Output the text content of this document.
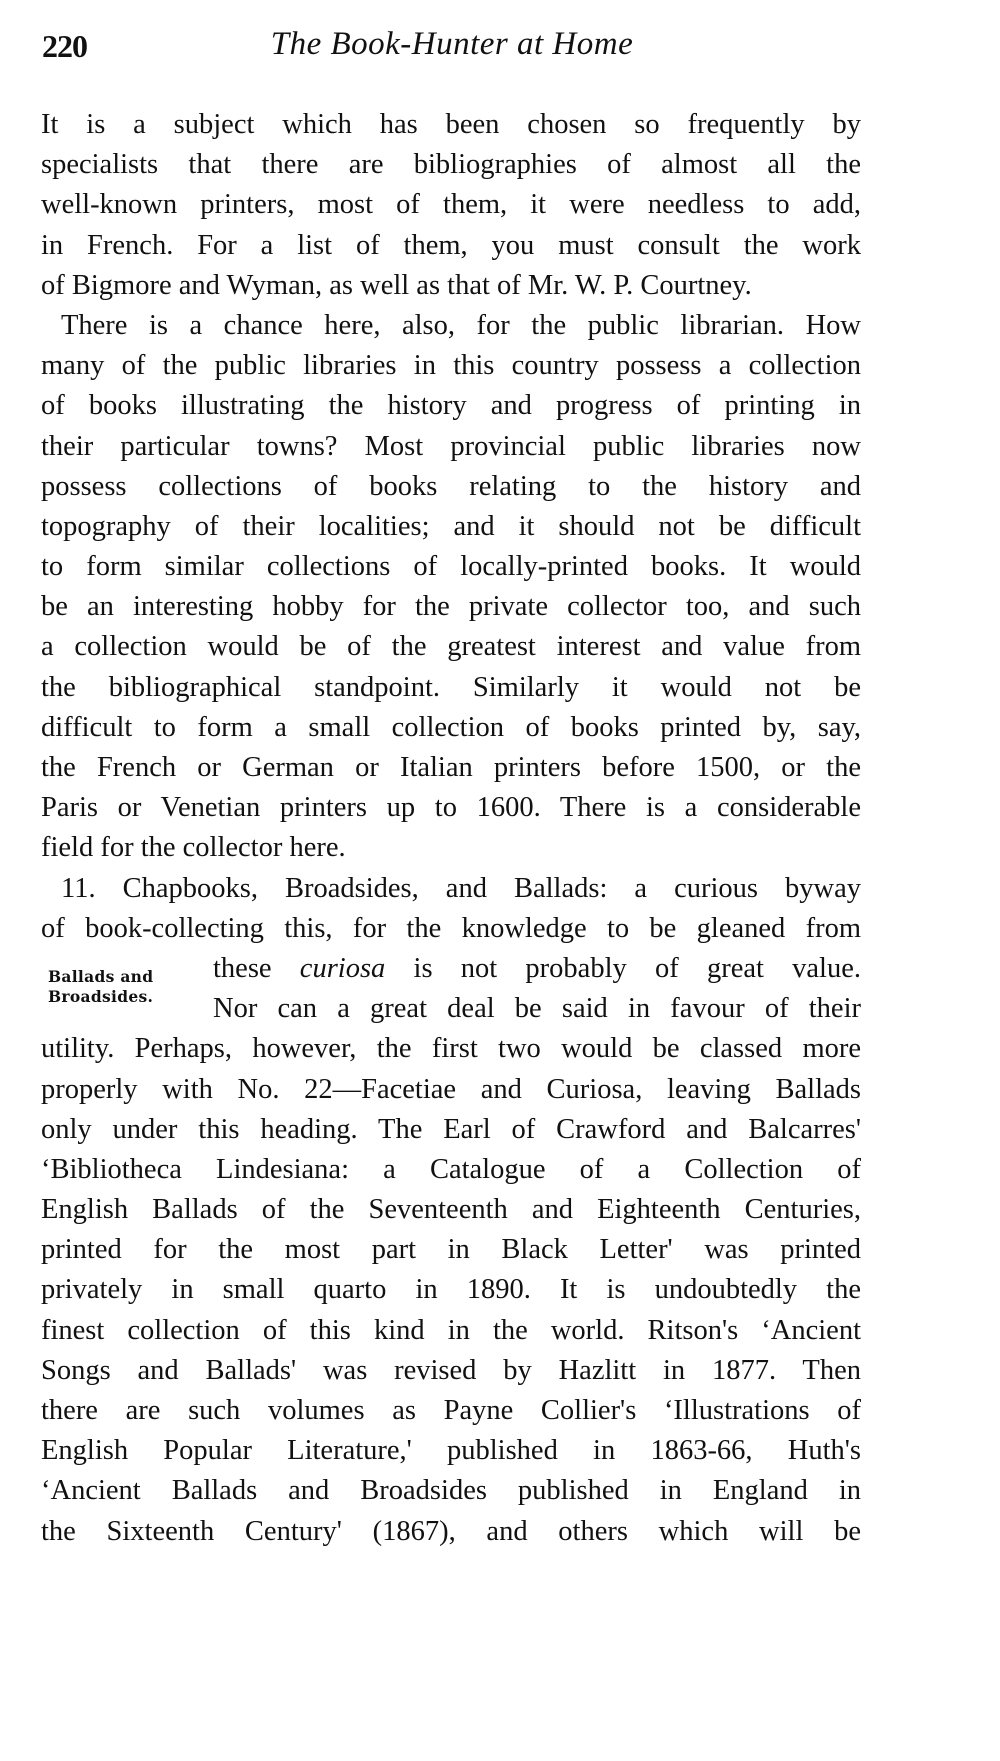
220	The Book-Hunter at Home
Ballads and
Broadsides.
It is a subject which has been chosen so frequently by
specialists that there are bibliographies of almost all the
well-known printers, most of them, it were needless to add,
in French. For a list of them, you must consult the work
of Bigmore and Wyman, as well as that of Mr. W. P. Courtney.
There is a chance here, also, for the public librarian. How
many of the public libraries in this country possess a collection
of books illustrating the history and progress of printing in
their particular towns? Most provincial public libraries now
possess collections of books relating to the history and
topography of their localities; and it should not be difficult
to form similar collections of locally-printed books. It would
be an interesting hobby for the private collector too, and such
a collection would be of the greatest interest and value from
the bibliographical standpoint. Similarly it would not be
difficult to form a small collection of books printed by, say,
the French or German or Italian printers before 1500, or the
Paris or Venetian printers up to 1600. There is a considerable
field for the collector here.
11. Chapbooks, Broadsides, and Ballads: a curious byway
of book-collecting this, for the knowledge to be gleaned from
these curiosa is not probably of great value.
Nor can a great deal be said in favour of their
utility. Perhaps, however, the first two would be classed more
properly with No. 22—Facetiae and Curiosa, leaving Ballads
only under this heading. The Earl of Crawford and Balcarres'
‘Bibliotheca Lindesiana: a Catalogue of a Collection of
English Ballads of the Seventeenth and Eighteenth Centuries,
printed for the most part in Black Letter' was printed
privately in small quarto in 1890. It is undoubtedly the
finest collection of this kind in the world. Ritson's ‘Ancient
Songs and Ballads' was revised by Hazlitt in 1877. Then
there are such volumes as Payne Collier's ‘Illustrations of
English Popular Literature,' published in 1863-66, Huth's
‘Ancient Ballads and Broadsides published in England in
the Sixteenth Century' (1867), and others which will be
